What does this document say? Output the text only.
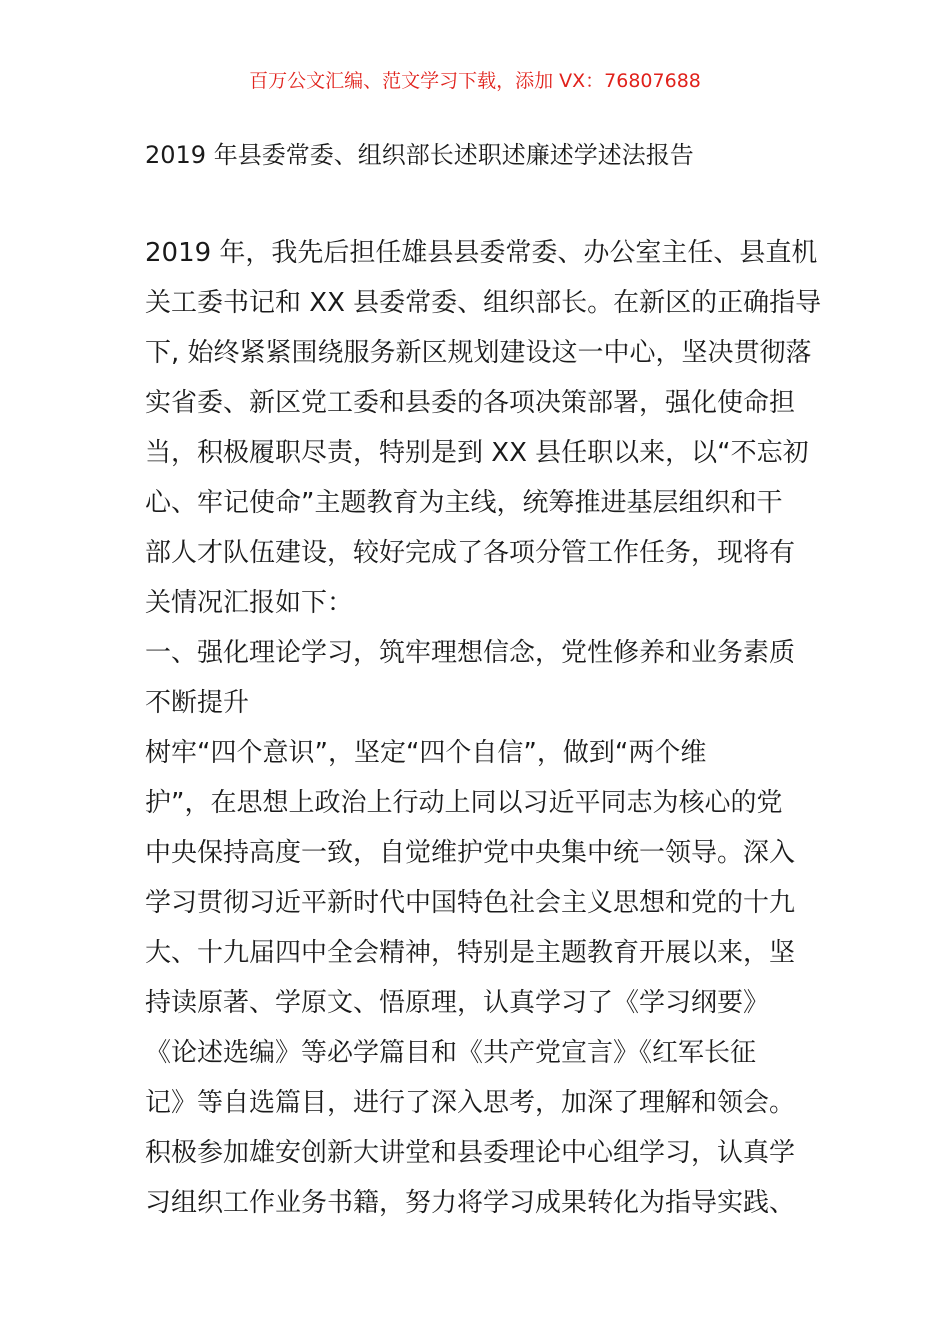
百万公文汇编、范文学习下载，添加 VX：76807688
2019 年县委常委、组织部长述职述廉述学述法报告
2019 年，我先后担任雄县县委常委、办公室主任、县直机
关工委书记和 XX 县委常委、组织部长。在新区的正确指导
下, 始终紧紧围绕服务新区规划建设这一中心，坚决贯彻落
实省委、新区党工委和县委的各项决策部署，强化使命担
当，积极履职尽责，特别是到 XX 县任职以来，以“不忘初
心、牢记使命”主题教育为主线，统筹推进基层组织和干
部人才队伍建设，较好完成了各项分管工作任务，现将有
关情况汇报如下：
一、强化理论学习，筑牢理想信念，党性修养和业务素质
不断提升
树牢“四个意识”，坚定“四个自信”，做到“两个维
护”，在思想上政治上行动上同以习近平同志为核心的党
中央保持高度一致，自觉维护党中央集中统一领导。深入
学习贯彻习近平新时代中国特色社会主义思想和党的十九
大、十九届四中全会精神，特别是主题教育开展以来，坚
持读原著、学原文、悟原理，认真学习了《学习纲要》
《论述选编》等必学篇目和《共产党宣言》《红军长征
记》等自选篇目，进行了深入思考，加深了理解和领会。
积极参加雄安创新大讲堂和县委理论中心组学习，认真学
习组织工作业务书籍，努力将学习成果转化为指导实践、
